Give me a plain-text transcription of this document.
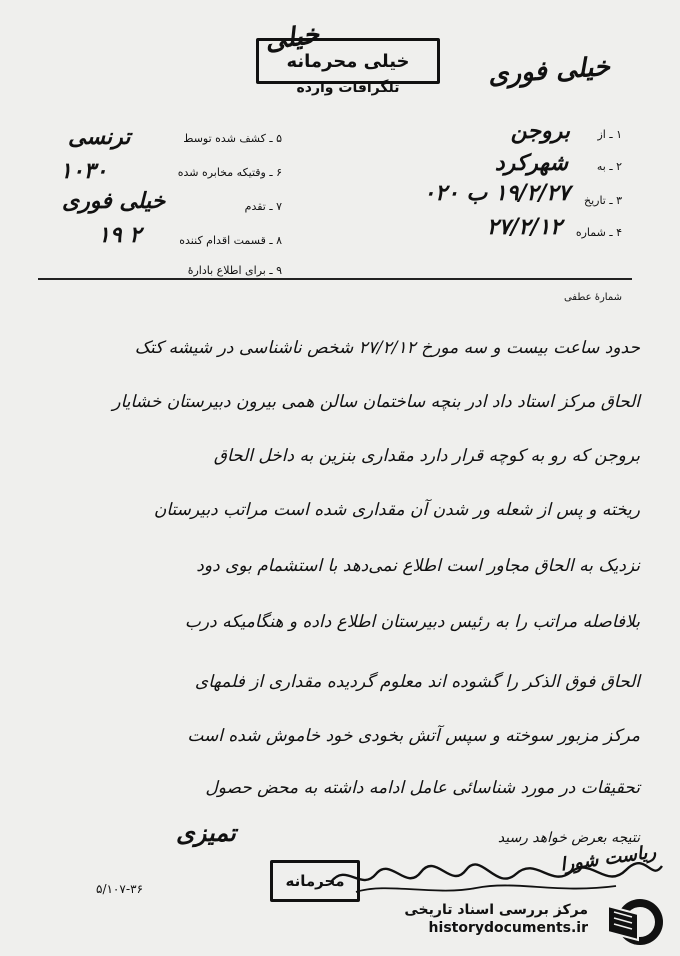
خیلی محرمانه
خیلی
تلگرافات وارده	خیلی فوری
۱ ـ از
بروجن
۲ ـ به
شهرکرد
۳ ـ تاریخ
۱۹/۲/۲۷ ب ۰۲۰
۴ ـ شماره
۲۷/۲/۱۲
۵ ـ کشف شده توسط
ترنسی
۶ ـ وقتیکه مخابره شده
۱۰۳۰
۷ ـ تقدم
خیلی فوری
۸ ـ قسمت اقدام کننده
۲ ۱۹
۹ ـ برای اطلاع بادارۀ
شمارۀ عطفی
حدود ساعت بیست و سه مورخ ۲۷/۲/۱۲ شخص ناشناسی در شیشه کتک
الحاق مرکز استاد داد ادر بنچه ساختمان سالن همی بیرون دبیرستان خشایار
بروجن که رو به کوچه قرار دارد مقداری بنزین به داخل الحاق
ریخته و پس از شعله ور شدن آن مقداری شده است مراتب دبیرستان
نزدیک به الحاق مجاور است اطلاع نمی‌دهد با استشمام بوی دود
بلافاصله مراتب را به رئیس دبیرستان اطلاع داده و هنگامیکه درب
الحاق فوق الذکر را گشوده اند معلوم گردیده مقداری از فلمهای
مرکز مزبور سوخته و سپس آتش بخودی خود خاموش شده است
تحقیقات در مورد شناسائی عامل ادامه داشته به محض حصول
نتیجه بعرض خواهد رسید
تمیزی
ریاست شورا
محرمانه
۵/۱۰۷-۳۶
مرکز بررسی اسناد تاریخی
historydocuments.ir
